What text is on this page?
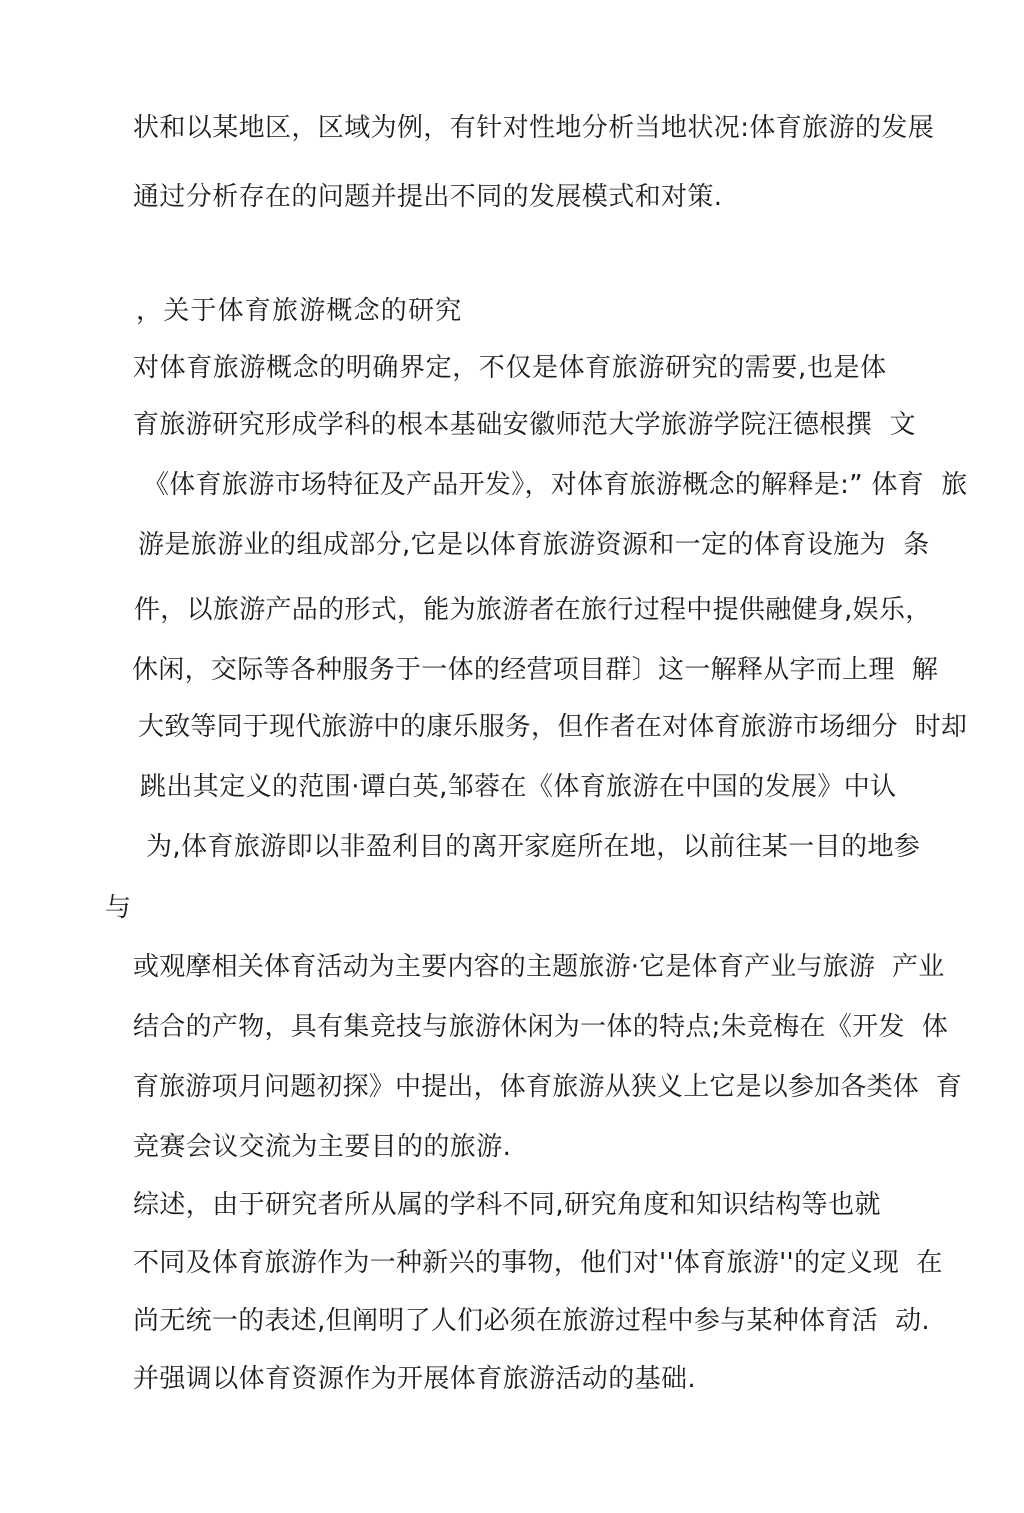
状和以某地区，区域为例，有针对性地分析当地状况:体育旅游的发展
通过分析存在的问题并提出不同的发展模式和对策.
，关于体育旅游概念的研究
对体育旅游概念的明确界定，不仅是体育旅游研究的需要,也是体
育旅游研究形成学科的根本基础安徽师范大学旅游学院汪德根撰  文
《体育旅游市场特征及产品开发》，对体育旅游概念的解释是:” 体育  旅
游是旅游业的组成部分,它是以体育旅游资源和一定的体育设施为  条
件，以旅游产品的形式，能为旅游者在旅行过程中提供融健身,娱乐，
休闲，交际等各种服务于一体的经营项目群〕这一解释从字而上理  解
大致等同于现代旅游中的康乐服务，但作者在对体育旅游市场细分  时却
跳出其定义的范围·谭白英,邹蓉在《体育旅游在中国的发展》中认
为,体育旅游即以非盈利目的离开家庭所在地，以前往某一目的地参
与
或观摩相关体育活动为主要内容的主题旅游·它是体育产业与旅游  产业
结合的产物，具有集竞技与旅游休闲为一体的特点;朱竞梅在《开发  体
育旅游项月问题初探》中提出，体育旅游从狭义上它是以参加各类体  育
竞赛会议交流为主要目的的旅游.
综述，由于研究者所从属的学科不同,研究角度和知识结构等也就
不同及体育旅游作为一种新兴的事物，他们对''体育旅游''的定义现  在
尚无统一的表述,但阐明了人们必须在旅游过程中参与某种体育活  动.
并强调以体育资源作为开展体育旅游活动的基础.
